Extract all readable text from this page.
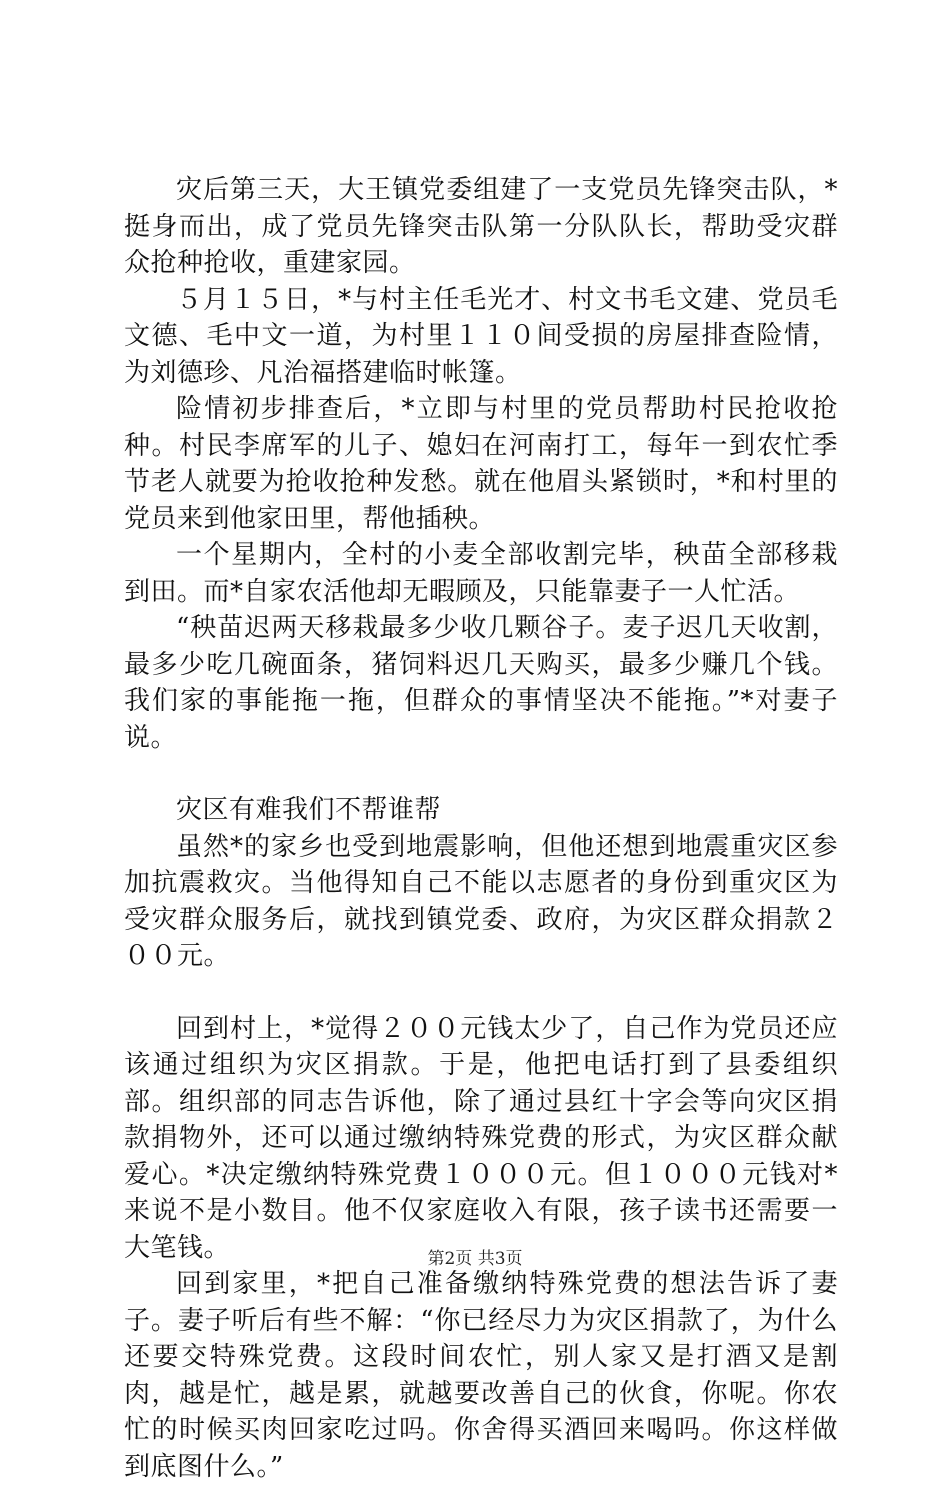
灾后第三天，大王镇党委组建了一支党员先锋突击队，*挺身而出，成了党员先锋突击队第一分队队长，帮助受灾群众抢种抢收，重建家园。

５月１５日，*与村主任毛光才、村文书毛文建、党员毛文德、毛中文一道，为村里１１０间受损的房屋排查险情，为刘德珍、凡治福搭建临时帐篷。

险情初步排查后，*立即与村里的党员帮助村民抢收抢种。村民李席军的儿子、媳妇在河南打工，每年一到农忙季节老人就要为抢收抢种发愁。就在他眉头紧锁时，*和村里的党员来到他家田里，帮他插秧。

一个星期内，全村的小麦全部收割完毕，秧苗全部移栽到田。而*自家农活他却无暇顾及，只能靠妻子一人忙活。

“秧苗迟两天移栽最多少收几颗谷子。麦子迟几天收割，最多少吃几碗面条，猪饲料迟几天购买，最多少赚几个钱。我们家的事能拖一拖，但群众的事情坚决不能拖。”*对妻子说。

灾区有难我们不帮谁帮

虽然*的家乡也受到地震影响，但他还想到地震重灾区参加抗震救灾。当他得知自己不能以志愿者的身份到重灾区为受灾群众服务后，就找到镇党委、政府，为灾区群众捐款２００元。

回到村上，*觉得２００元钱太少了，自己作为党员还应该通过组织为灾区捐款。于是，他把电话打到了县委组织部。组织部的同志告诉他，除了通过县红十字会等向灾区捐款捐物外，还可以通过缴纳特殊党费的形式，为灾区群众献爱心。*决定缴纳特殊党费１０００元。但１０００元钱对*来说不是小数目。他不仅家庭收入有限，孩子读书还需要一大笔钱。

回到家里，*把自己准备缴纳特殊党费的想法告诉了妻子。妻子听后有些不解：“你已经尽力为灾区捐款了，为什么还要交特殊党费。这段时间农忙，别人家又是打酒又是割肉，越是忙，越是累，就越要改善自己的伙食，你呢。你农忙的时候买肉回家吃过吗。你舍得买酒回来喝吗。你这样做到底图什么。”

第2页 共3页
